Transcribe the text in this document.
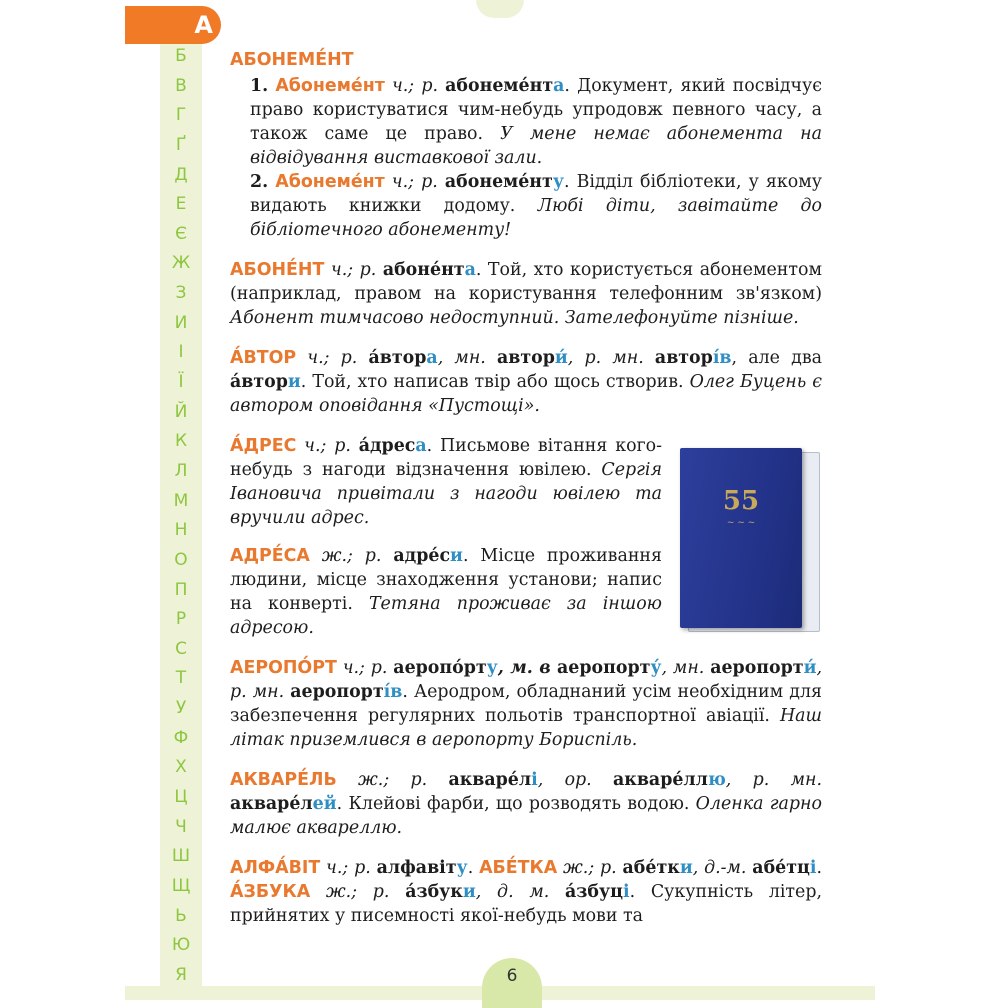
А
Б
В
Г
Ґ
Д
Е
Є
Ж
З
И
І
Ї
Й
К
Л
М
Н
О
П
Р
С
Т
У
Ф
Х
Ц
Ч
Ш
Щ
Ь
Ю
Я	6
АБОНЕМЕ́НТ

1. Абонеме́нт ч.; р. абонемéнта. Документ, який посвідчує право користуватися чим-небудь упродовж певного часу, а також саме це право. У мене немає абонемента на відвідування виставкової зали.

2. Абонеме́нт ч.; р. абонемéнту. Відділ бібліотеки, у якому видають книжки додому. Любі діти, завітайте до бібліотечного абонементу!

АБОНЕ́НТ ч.; р. абонéнта. Той, хто користується абонементом (наприклад, правом на користування телефонним зв'язком) Абонент тимчасово недоступний. Зателефонуйте пізніше.

А́ВТОР ч.; р. áвтора, мн. автори́, р. мн. авторі́в, але два áвтори. Той, хто написав твір або щось створив. Олег Буцень є автором оповідання «Пустощі».

А́ДРЕС ч.; р. áдреса. Письмове вітання кого-небудь з нагоди відзначення ювілею. Сергія Івановича привітали з нагоди ювілею та вручили адрес.

АДРЕ́СА ж.; р. адрéси. Місце проживання людини, місце знаходження установи; напис на конверті. Тетяна проживає за іншою адресою.

АЕРОПО́РТ ч.; р. аеропóрту, м. в аеропорту́, мн. аеропорти́, р. мн. аеропорті́в. Аеродром, обладнаний усім необхідним для забезпечення регулярних польотів транспортної авіації. Наш літак приземлився в аеропорту Бориспіль.

АКВАРЕ́ЛЬ ж.; р. акварéлі, ор. акварéллю, р. мн. акварéлей. Клейові фарби, що розводять водою. Оленка гарно малює аквареллю.

АЛФА́ВІТ ч.; р. алфавіту. АБЕ́ТКА ж.; р. абéтки, д.-м. абéтці. А́ЗБУКА ж.; р. áзбуки, д. м. áзбуці. Сукупність літер, прийнятих у писемності якої-небудь мови та

55
~ ~ ~
